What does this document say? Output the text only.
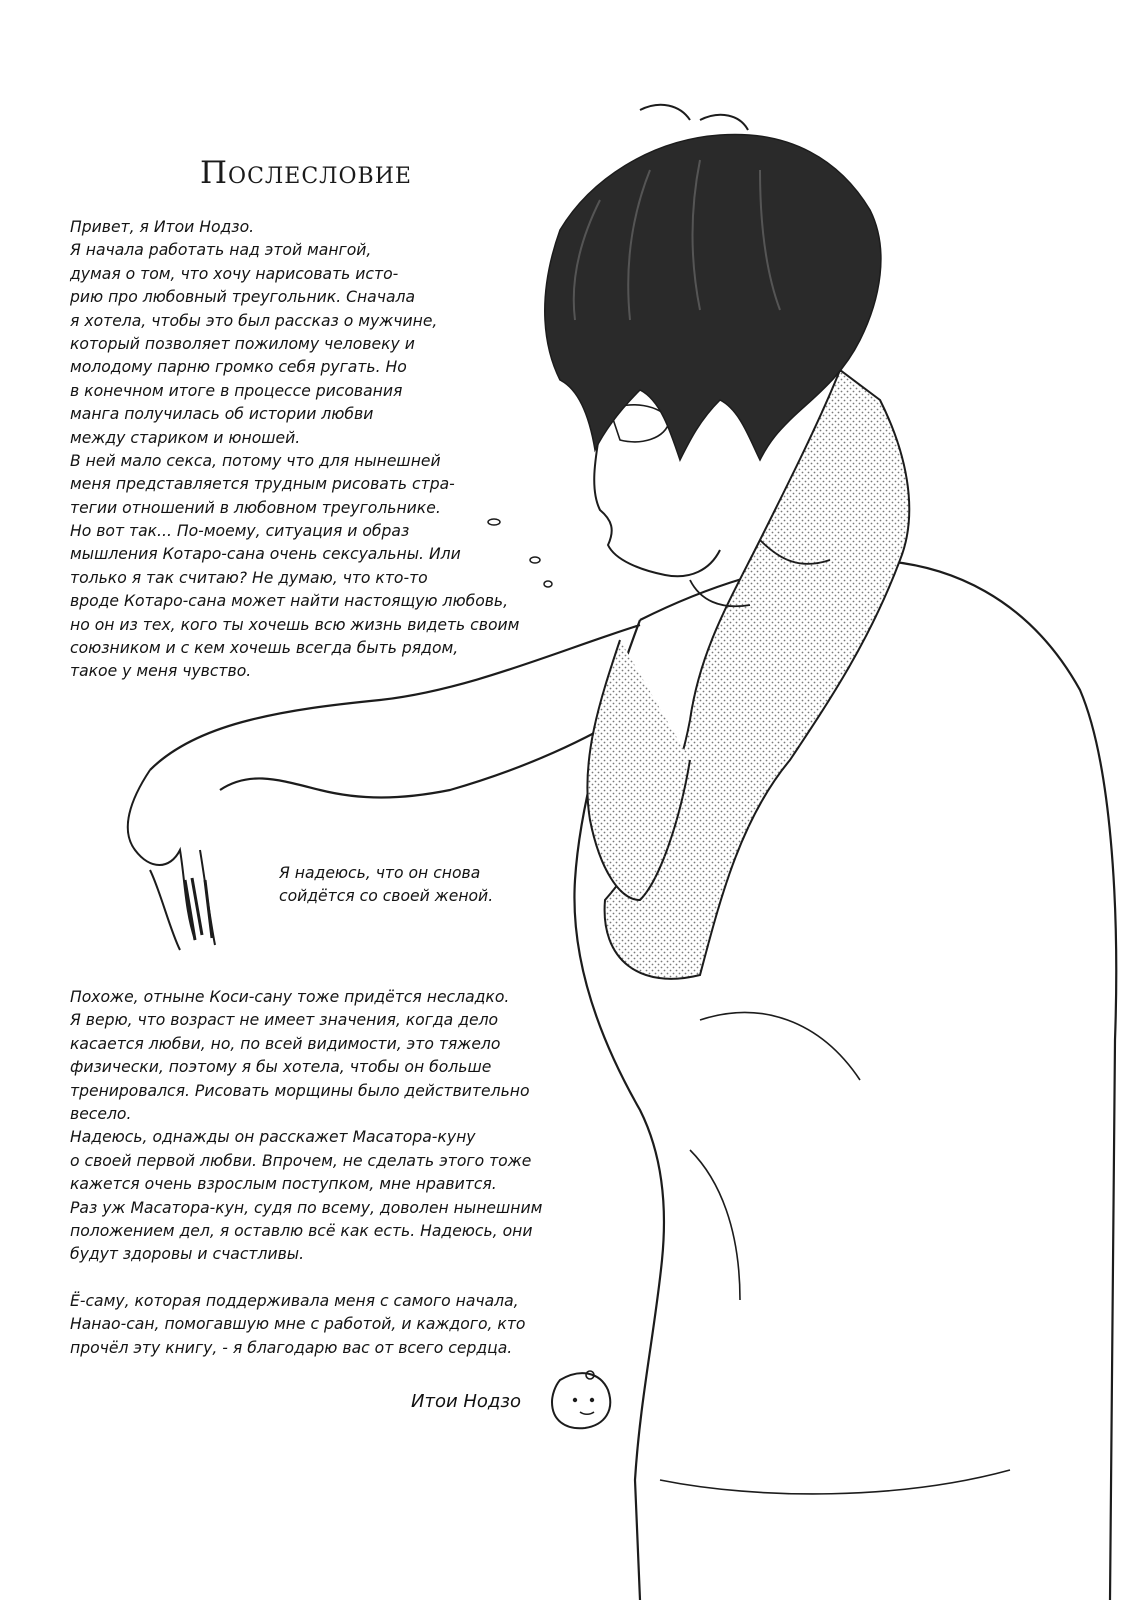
Послесловие
Привет, я Итои Нодзо.
Я начала работать над этой мангой,
думая о том, что хочу нарисовать исто-
рию про любовный треугольник. Сначала
я хотела, чтобы это был рассказ о мужчине,
который позволяет пожилому человеку и
молодому парню громко себя ругать. Но
в конечном итоге в процессе рисования
манга получилась об истории любви
между стариком и юношей.
В ней мало секса, потому что для нынешней
меня представляется трудным рисовать стра-
тегии отношений в любовном треугольнике.
Но вот так... По-моему, ситуация и образ
мышления Котаро-сана очень сексуальны. Или
только я так считаю? Не думаю, что кто-то
вроде Котаро-сана может найти настоящую любовь,
но он из тех, кого ты хочешь всю жизнь видеть своим
союзником и с кем хочешь всегда быть рядом,
такое у меня чувство.
Я надеюсь, что он снова
сойдётся со своей женой.
Похоже, отныне Коси-сану тоже придётся несладко.
Я верю, что возраст не имеет значения, когда дело
касается любви, но, по всей видимости, это тяжело
физически, поэтому я бы хотела, чтобы он больше
тренировался. Рисовать морщины было действительно
весело.
Надеюсь, однажды он расскажет Масатора-куну
о своей первой любви. Впрочем, не сделать этого тоже
кажется очень взрослым поступком, мне нравится.
Раз уж Масатора-кун, судя по всему, доволен нынешним
положением дел, я оставлю всё как есть. Надеюсь, они
будут здоровы и счастливы.
Ё-саму, которая поддерживала меня с самого начала,
Нанао-сан, помогавшую мне с работой, и каждого, кто
прочёл эту книгу, - я благодарю вас от всего сердца.
Итои Нодзо
